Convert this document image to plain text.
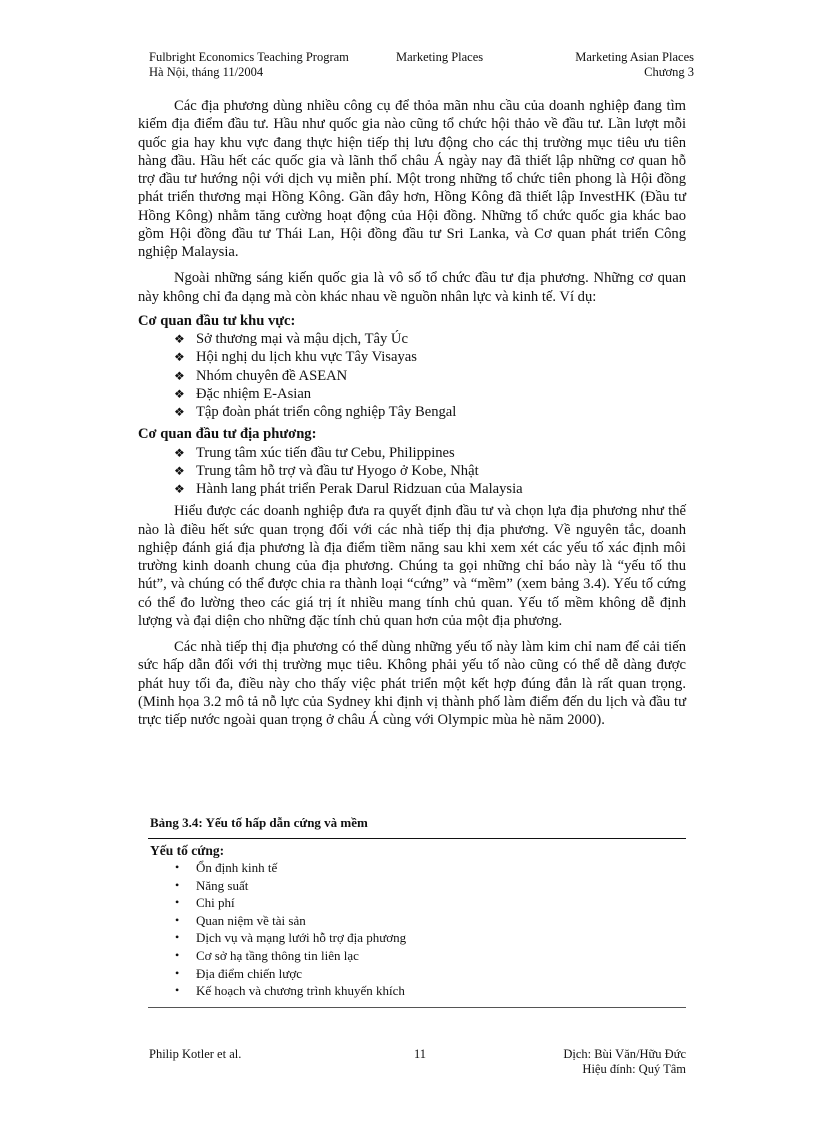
Fulbright Economics Teaching Program
Hà Nội, tháng 11/2004
Marketing Places	Marketing Asian Places
Chương 3

Các địa phương dùng nhiều công cụ để thỏa mãn nhu cầu của doanh nghiệp đang tìm kiếm địa điểm đầu tư. Hầu như quốc gia nào cũng tổ chức hội thảo về đầu tư. Lần lượt mỗi quốc gia hay khu vực đang thực hiện tiếp thị lưu động cho các thị trường mục tiêu ưu tiên hàng đầu. Hầu hết các quốc gia và lãnh thổ châu Á ngày nay đã thiết lập những cơ quan hỗ trợ đầu tư hướng nội với dịch vụ miễn phí. Một trong những tổ chức tiên phong là Hội đồng phát triển thương mại Hồng Kông. Gần đây hơn, Hồng Kông đã thiết lập InvestHK (Đầu tư Hồng Kông) nhằm tăng cường hoạt động của Hội đồng. Những tổ chức quốc gia khác bao gồm Hội đồng đầu tư Thái Lan, Hội đồng đầu tư Sri Lanka, và Cơ quan phát triển Công nghiệp Malaysia.

Ngoài những sáng kiến quốc gia là vô số tổ chức đầu tư địa phương. Những cơ quan này không chỉ đa dạng mà còn khác nhau về nguồn nhân lực và kinh tế. Ví dụ:

Cơ quan đầu tư khu vực:
❖ Sở thương mại và mậu dịch, Tây Úc
❖ Hội nghị du lịch khu vực Tây Visayas
❖ Nhóm chuyên đề ASEAN
❖ Đặc nhiệm E-Asian
❖ Tập đoàn phát triển công nghiệp Tây Bengal
Cơ quan đầu tư địa phương:
❖ Trung tâm xúc tiến đầu tư Cebu, Philippines
❖ Trung tâm hỗ trợ và đầu tư Hyogo ở Kobe, Nhật
❖ Hành lang phát triển Perak Darul Ridzuan của Malaysia

Hiểu được các doanh nghiệp đưa ra quyết định đầu tư và chọn lựa địa phương như thế nào là điều hết sức quan trọng đối với các nhà tiếp thị địa phương. Về nguyên tắc, doanh nghiệp đánh giá địa phương là địa điểm tiềm năng sau khi xem xét các yếu tố xác định môi trường kinh doanh chung của địa phương. Chúng ta gọi những chỉ báo này là “yếu tố thu hút”, và chúng có thể được chia ra thành loại “cứng” và “mềm” (xem bảng 3.4). Yếu tố cứng có thể đo lường theo các giá trị ít nhiều mang tính chủ quan. Yếu tố mềm không dễ định lượng và đại diện cho những đặc tính chủ quan hơn của một địa phương.

Các nhà tiếp thị địa phương có thể dùng những yếu tố này làm kim chỉ nam để cải tiến sức hấp dẫn đối với thị trường mục tiêu. Không phải yếu tố nào cũng có thể dễ dàng được phát huy tối đa, điều này cho thấy việc phát triển một kết hợp đúng đắn là rất quan trọng. (Minh họa 3.2 mô tả nỗ lực của Sydney khi định vị thành phố làm điểm đến du lịch và đầu tư trực tiếp nước ngoài quan trọng ở châu Á cùng với Olympic mùa hè năm 2000).

Bảng 3.4: Yếu tố hấp dẫn cứng và mềm
Yếu tố cứng:
• Ổn định kinh tế
• Năng suất
• Chi phí
• Quan niệm về tài sản
• Dịch vụ và mạng lưới hỗ trợ địa phương
• Cơ sở hạ tầng thông tin liên lạc
• Địa điểm chiến lược
• Kế hoạch và chương trình khuyến khích
Philip Kotler et al.	11	Dịch: Bùi Văn/Hữu Đức
Hiệu đính: Quý Tâm
